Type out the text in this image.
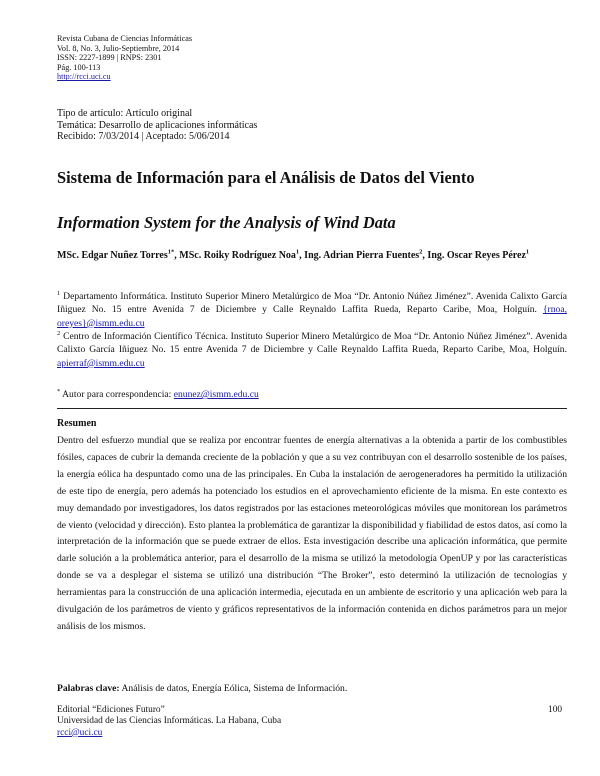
Revista Cubana de Ciencias Informáticas
Vol. 8, No. 3, Julio-Septiembre, 2014
ISSN: 2227-1899 | RNPS: 2301
Pág. 100-113
http://rcci.uci.cu
Tipo de artículo: Artículo original
Temática: Desarrollo de aplicaciones informáticas
Recibido: 7/03/2014 | Aceptado: 5/06/2014
Sistema de Información para el Análisis de Datos del Viento
Information System for the Analysis of Wind Data
MSc. Edgar Nuñez Torres$^{1*}$, MSc. Roiky Rodríguez Noa$^1$, Ing. Adrian Pierra Fuentes$^2$, Ing. Oscar Reyes Pérez$^1$
$^1$ Departamento Informática. Instituto Superior Minero Metalúrgico de Moa “Dr. Antonio Núñez Jiménez”. Avenida Calixto García Iñiguez No. 15 entre Avenida 7 de Diciembre y Calle Reynaldo Laffita Rueda, Reparto Caribe, Moa, Holguín. {rnoa, oreyes}@ismm.edu.cu
$^2$ Centro de Información Científico Técnica. Instituto Superior Minero Metalúrgico de Moa “Dr. Antonio Núñez Jiménez”. Avenida Calixto García Iñiguez No. 15 entre Avenida 7 de Diciembre y Calle Reynaldo Laffita Rueda, Reparto Caribe, Moa, Holguín. apierraf@ismm.edu.cu
* Autor para correspondencia: enunez@ismm.edu.cu
Resumen

Dentro del esfuerzo mundial que se realiza por encontrar fuentes de energía alternativas a la obtenida a partir de los combustibles fósiles, capaces de cubrir la demanda creciente de la población y que a su vez contribuyan con el desarrollo sostenible de los países, la energía eólica ha despuntado como una de las principales. En Cuba la instalación de aerogeneradores ha permitido la utilización de este tipo de energía, pero además ha potenciado los estudios en el aprovechamiento eficiente de la misma. En este contexto es muy demandado por investigadores, los datos registrados por las estaciones meteorológicas móviles que monitorean los parámetros de viento (velocidad y dirección). Esto plantea la problemática de garantizar la disponibilidad y fiabilidad de estos datos, así como la interpretación de la información que se puede extraer de ellos. Esta investigación describe una aplicación informática, que permite darle solución a la problemática anterior, para el desarrollo de la misma se utilizó la metodología OpenUP y por las características donde se va a desplegar el sistema se utilizó una distribución “The Broker”, esto determinó la utilización de tecnologías y herramientas para la construcción de una aplicación intermedia, ejecutada en un ambiente de escritorio y una aplicación web para la divulgación de los parámetros de viento y gráficos representativos de la información contenida en dichos parámetros para un mejor análisis de los mismos.

Palabras clave: Análisis de datos, Energía Eólica, Sistema de Información.
Editorial “Ediciones Futuro”
Universidad de las Ciencias Informáticas. La Habana, Cuba
rcci@uci.cu
100
